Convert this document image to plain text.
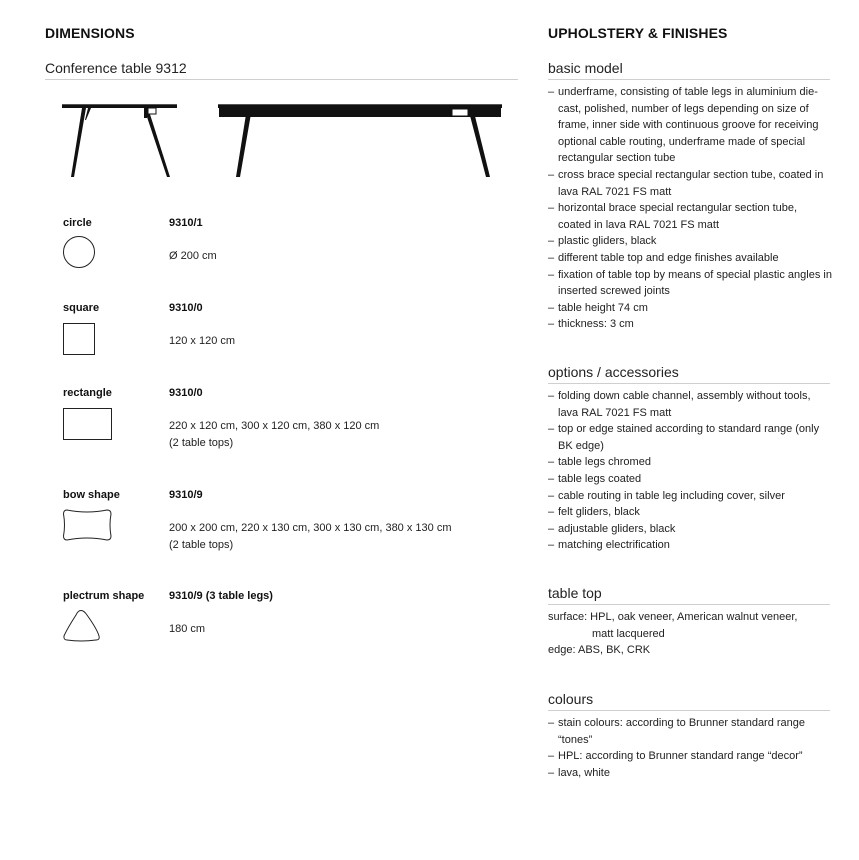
DIMENSIONS
Conference table 9312
circle	9310/1
Ø 200 cm
square	9310/0
120 x 120 cm
rectangle	9310/0
220 x 120 cm, 300 x 120 cm, 380 x 120 cm
(2 table tops)
bow shape	9310/9
200 x 200 cm, 220 x 130 cm, 300 x 130 cm, 380 x 130 cm
(2 table tops)
plectrum shape 9310/9 (3 table legs)
180 cm
UPHOLSTERY & FINISHES
basic model
– underframe, consisting of table legs in aluminium die-cast, polished, number of legs depending on size of frame, inner side with continuous groove for receiving optional cable routing, underframe made of special rectangular section tube
– cross brace special rectangular section tube, coated in lava RAL 7021 FS matt
– horizontal brace special rectangular section tube, coated in lava RAL 7021 FS matt
– plastic gliders, black
– different table top and edge finishes available
– fixation of table top by means of special plastic angles in inserted screwed joints
– table height 74 cm
– thickness: 3 cm
options / accessories
– folding down cable channel, assembly without tools, lava RAL 7021 FS matt
– top or edge stained according to standard range (only BK edge)
– table legs chromed
– table legs coated
– cable routing in table leg including cover, silver
– felt gliders, black
– adjustable gliders, black
– matching electrification
table top
surface: HPL, oak veneer, American walnut veneer,
matt lacquered
edge: ABS, BK, CRK
colours
– stain colours: according to Brunner standard range “tones”
– HPL: according to Brunner standard range “decor”
– lava, white
